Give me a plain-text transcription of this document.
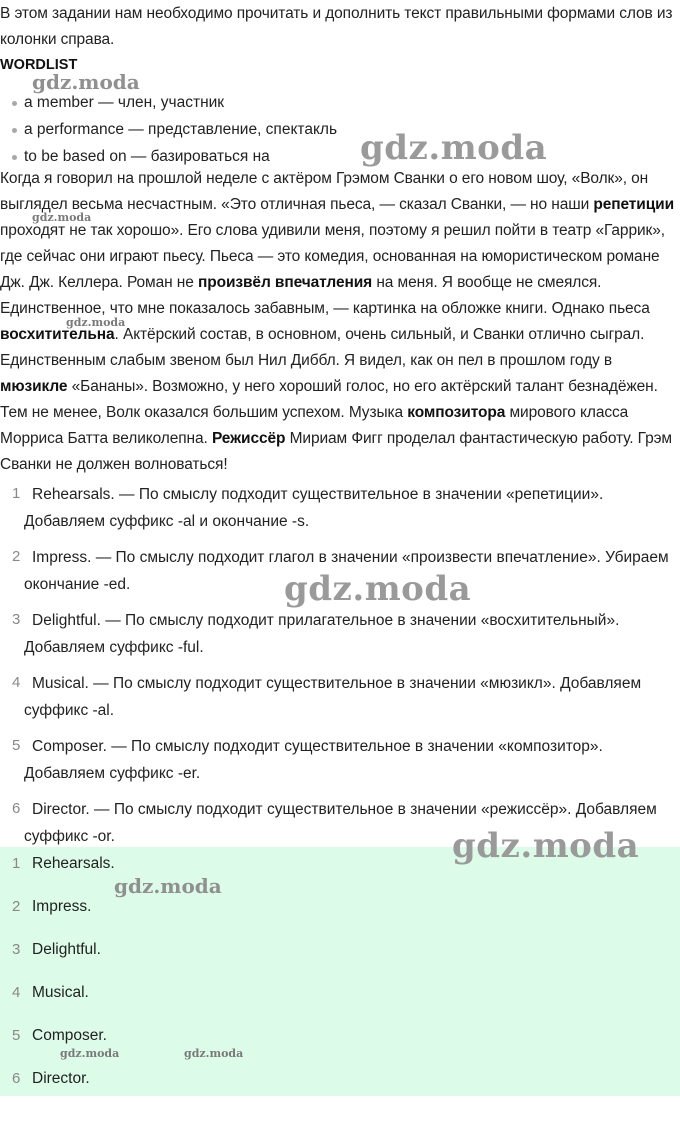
В этом задании нам необходимо прочитать и дополнить текст правильными формами слов из колонки справа.
WORDLIST
a member — член, участник
a performance — представление, спектакль
to be based on — базироваться на
Когда я говорил на прошлой неделе с актёром Грэмом Сванки о его новом шоу, «Волк», он выглядел весьма несчастным. «Это отличная пьеса, — сказал Сванки, — но наши репетиции проходят не так хорошо». Его слова удивили меня, поэтому я решил пойти в театр «Гаррик», где сейчас они играют пьесу. Пьеса — это комедия, основанная на юмористическом романе Дж. Дж. Келлера. Роман не произвёл впечатления на меня. Я вообще не смеялся. Единственное, что мне показалось забавным, — картинка на обложке книги. Однако пьеса восхитительна. Актёрский состав, в основном, очень сильный, и Сванки отлично сыграл. Единственным слабым звеном был Нил Диббл. Я видел, как он пел в прошлом году в мюзикле «Бананы». Возможно, у него хороший голос, но его актёрский талант безнадёжен. Тем не менее, Волк оказался большим успехом. Музыка композитора мирового класса Морриса Батта великолепна. Режиссёр Мириам Фигг проделал фантастическую работу. Грэм Сванки не должен волноваться!
1 Rehearsals. — По смыслу подходит существительное в значении «репетиции». Добавляем суффикс -al и окончание -s.
2 Impress. — По смыслу подходит глагол в значении «произвести впечатление». Убираем окончание -ed.
3 Delightful. — По смыслу подходит прилагательное в значении «восхитительный». Добавляем суффикс -ful.
4 Musical. — По смыслу подходит существительное в значении «мюзикл». Добавляем суффикс -al.
5 Composer. — По смыслу подходит существительное в значении «композитор». Добавляем суффикс -er.
6 Director. — По смыслу подходит существительное в значении «режиссёр». Добавляем суффикс -or.
1 Rehearsals.
2 Impress.
3 Delightful.
4 Musical.
5 Composer.
6 Director.
gdz.moda
gdz.moda
gdz.moda
gdz.moda
gdz.moda
gdz.moda
gdz.moda
gdz.moda	gdz.moda
